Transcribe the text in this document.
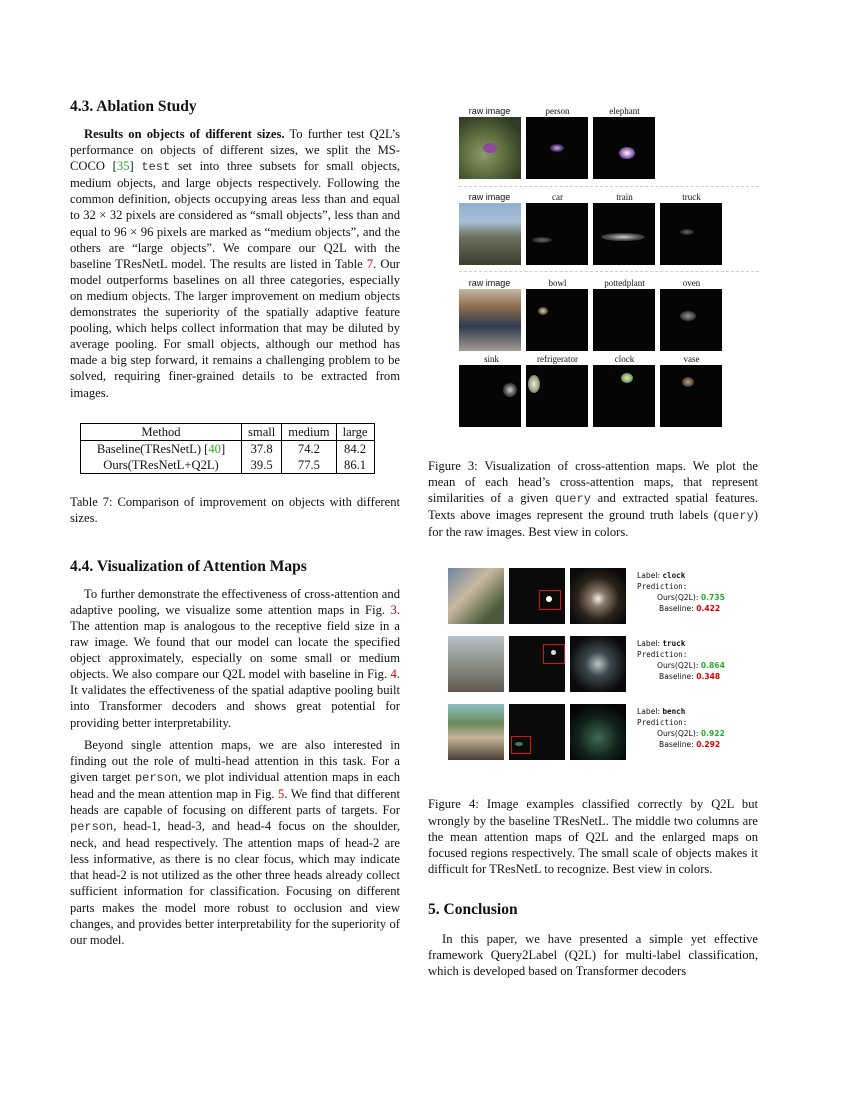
4.3. Ablation Study

Results on objects of different sizes. To further test Q2L’s performance on objects of different sizes, we split the MS-COCO [35] test set into three subsets for small objects, medium objects, and large objects respectively. Following the common definition, objects occupying areas less than and equal to 32 × 32 pixels are considered as “small objects”, less than and equal to 96 × 96 pixels are marked as “medium objects”, and the others are “large objects”. We compare our Q2L with the baseline TResNetL model. The results are listed in Table 7. Our model outperforms baselines on all three categories, especially on medium objects. The larger improvement on medium objects demonstrates the superiority of the spatially adaptive feature pooling, which helps collect information that may be diluted by average pooling. For small objects, although our method has made a big step forward, it remains a challenging problem to be solved, requiring finer-grained details to be extracted from images.

Method	small	medium	large
Baseline(TResNetL) [40]	37.8	74.2	84.2
Ours(TResNetL+Q2L)	39.5	77.5	86.1
Table 7: Comparison of improvement on objects with different sizes.
4.4. Visualization of Attention Maps

To further demonstrate the effectiveness of cross-attention and adaptive pooling, we visualize some attention maps in Fig. 3. The attention map is analogous to the receptive field size in a raw image. We found that our model can locate the specified object approximately, especially on some small or medium objects. We also compare our Q2L model with baseline in Fig. 4. It validates the effectiveness of the spatial adaptive pooling built into Transformer decoders and shows great potential for providing better interpretability.

Beyond single attention maps, we are also interested in finding out the role of multi-head attention in this task. For a given target person, we plot individual attention maps in each head and the mean attention map in Fig. 5. We find that different heads are capable of focusing on different parts of targets. For person, head-1, head-3, and head-4 focus on the shoulder, neck, and head respectively. The attention maps of head-2 are less informative, as there is no clear focus, which may indicate that head-2 is not utilized as the other three heads already collect sufficient information for classification. Focusing on different parts makes the model more robust to occlusion and view changes, and provides better interpretability for the superiority of our model.

raw image	person	elephant
raw image	car	train	truck
raw image	bowl	pottedplant	oven
sink	refrigerator	clock	vase
Figure 3: Visualization of cross-attention maps. We plot the mean of each head’s cross-attention maps, that represent similarities of a given query and extracted spatial features. Texts above images represent the ground truth labels (query) for the raw images. Best view in colors.
Label: clock
Prediction:
Ours(Q2L): 0.735
Baseline: 0.422
Label: truck
Prediction:
Ours(Q2L): 0.864
Baseline: 0.348
Label: bench
Prediction:
Ours(Q2L): 0.922
Baseline: 0.292
Figure 4: Image examples classified correctly by Q2L but wrongly by the baseline TResNetL. The middle two columns are the mean attention maps of Q2L and the enlarged maps on focused regions respectively. The small scale of objects makes it difficult for TResNetL to recognize. Best view in colors.
5. Conclusion

In this paper, we have presented a simple yet effective framework Query2Label (Q2L) for multi-label classification, which is developed based on Transformer decoders
